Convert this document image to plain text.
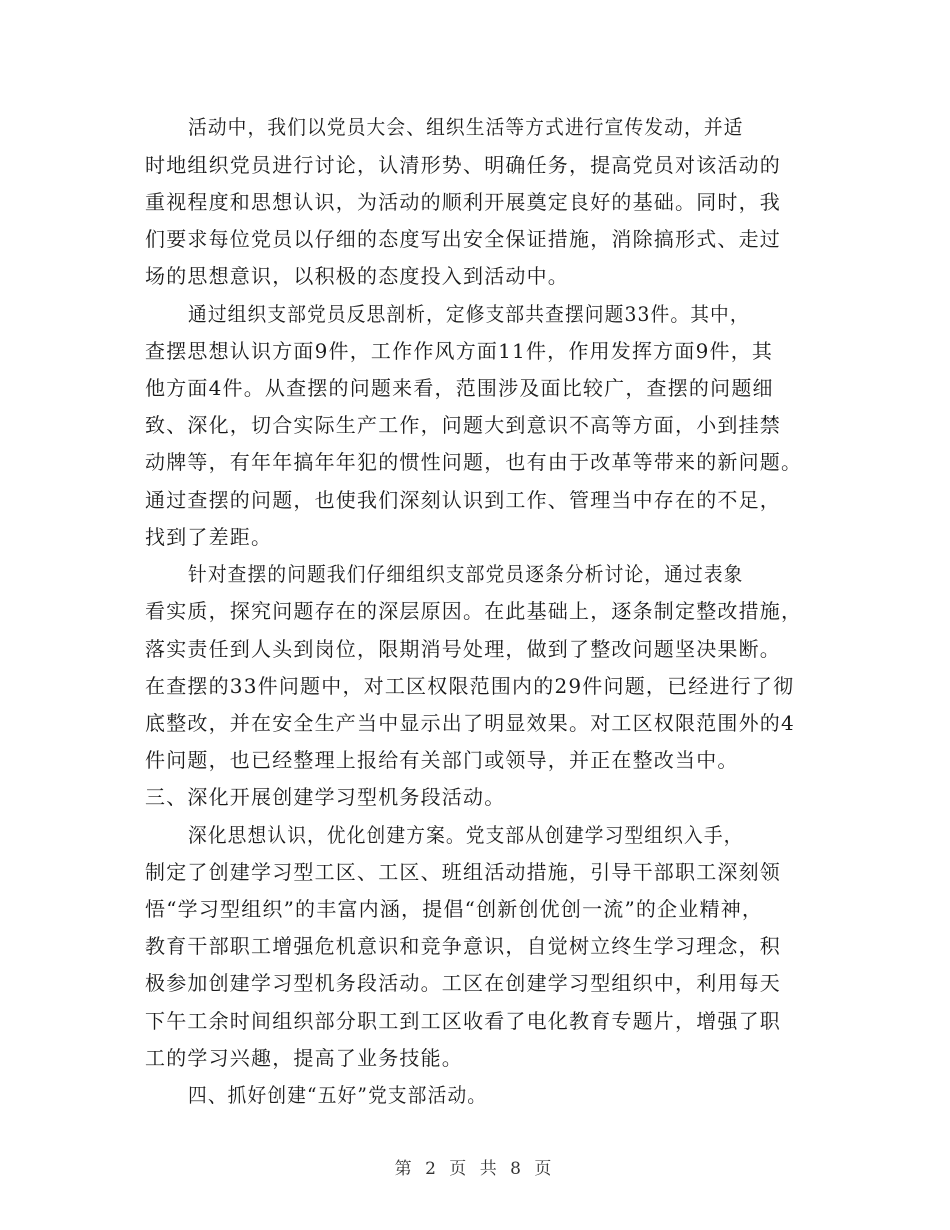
活动中，我们以党员大会、组织生活等方式进行宣传发动，并适
时地组织党员进行讨论，认清形势、明确任务，提高党员对该活动的
重视程度和思想认识，为活动的顺利开展奠定良好的基础。同时，我
们要求每位党员以仔细的态度写出安全保证措施，消除搞形式、走过
场的思想意识，以积极的态度投入到活动中。
通过组织支部党员反思剖析，定修支部共查摆问题33件。其中，
查摆思想认识方面9件，工作作风方面11件，作用发挥方面9件，其
他方面4件。从查摆的问题来看，范围涉及面比较广，查摆的问题细
致、深化，切合实际生产工作，问题大到意识不高等方面，小到挂禁
动牌等，有年年搞年年犯的惯性问题，也有由于改革等带来的新问题。
通过查摆的问题，也使我们深刻认识到工作、管理当中存在的不足，
找到了差距。
针对查摆的问题我们仔细组织支部党员逐条分析讨论，通过表象
看实质，探究问题存在的深层原因。在此基础上，逐条制定整改措施，
落实责任到人头到岗位，限期消号处理，做到了整改问题坚决果断。
在查摆的33件问题中，对工区权限范围内的29件问题，已经进行了彻
底整改，并在安全生产当中显示出了明显效果。对工区权限范围外的4
件问题，也已经整理上报给有关部门或领导，并正在整改当中。
三、深化开展创建学习型机务段活动。
深化思想认识，优化创建方案。党支部从创建学习型组织入手，
制定了创建学习型工区、工区、班组活动措施，引导干部职工深刻领
悟“学习型组织”的丰富内涵，提倡“创新创优创一流”的企业精神，
教育干部职工增强危机意识和竞争意识，自觉树立终生学习理念，积
极参加创建学习型机务段活动。工区在创建学习型组织中，利用每天
下午工余时间组织部分职工到工区收看了电化教育专题片，增强了职
工的学习兴趣，提高了业务技能。
四、抓好创建“五好”党支部活动。
第 2 页 共 8 页
